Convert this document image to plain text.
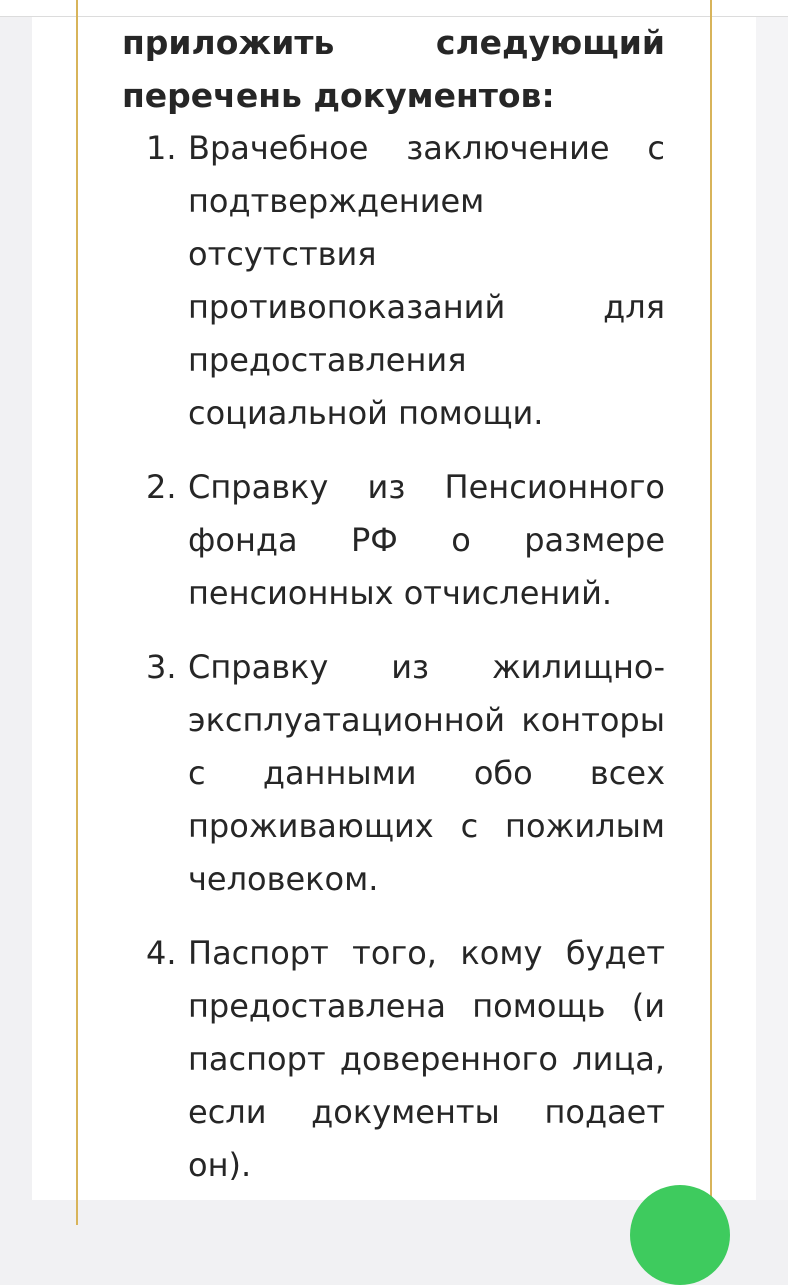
приложить следующий перечень документов:

1. Врачебное заключение с подтверждением отсутствия противопоказаний для предоставления социальной помощи.
2. Справку из Пенсионного фонда РФ о размере пенсионных отчислений.
3. Справку из жилищно-эксплуатационной конторы с данными обо всех проживающих с пожилым человеком.
4. Паспорт того, кому будет предоставлена помощь (и паспорт доверенного лица, если документы подает он).
